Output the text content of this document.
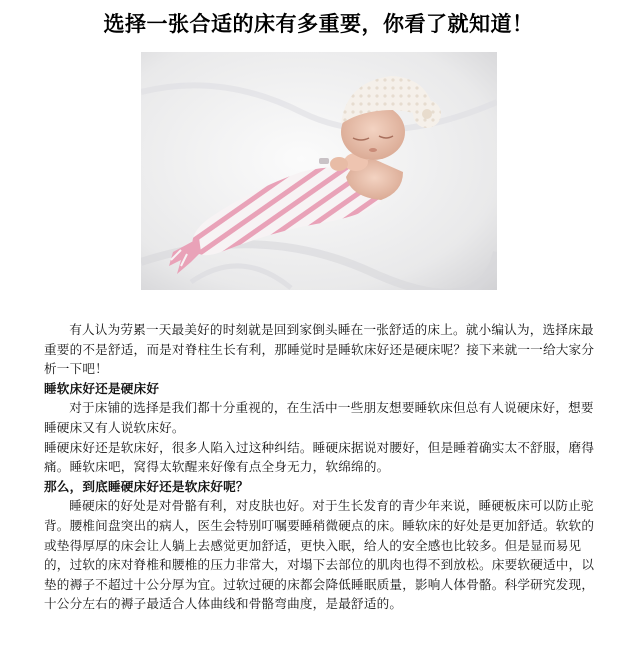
选择一张合适的床有多重要，你看了就知道！

有人认为劳累一天最美好的时刻就是回到家倒头睡在一张舒适的床上。就小编认为，选择床最重要的不是舒适，而是对脊柱生长有利，那睡觉时是睡软床好还是硬床呢？接下来就一一给大家分析一下吧！

睡软床好还是硬床好

对于床铺的选择是我们都十分重视的，在生活中一些朋友想要睡软床但总有人说硬床好，想要睡硬床又有人说软床好。

睡硬床好还是软床好，很多人陷入过这种纠结。睡硬床据说对腰好，但是睡着确实太不舒服，磨得痛。睡软床吧，窝得太软醒来好像有点全身无力，软绵绵的。

那么，到底睡硬床好还是软床好呢？

睡硬床的好处是对骨骼有利，对皮肤也好。对于生长发育的青少年来说，睡硬板床可以防止驼背。腰椎间盘突出的病人，医生会特别叮嘱要睡稍微硬点的床。睡软床的好处是更加舒适。软软的或垫得厚厚的床会让人躺上去感觉更加舒适，更快入眠，给人的安全感也比较多。但是显而易见的，过软的床对脊椎和腰椎的压力非常大，对塌下去部位的肌肉也得不到放松。床要软硬适中，以垫的褥子不超过十公分厚为宜。过软过硬的床都会降低睡眠质量，影响人体骨骼。科学研究发现，十公分左右的褥子最适合人体曲线和骨骼弯曲度，是最舒适的。
